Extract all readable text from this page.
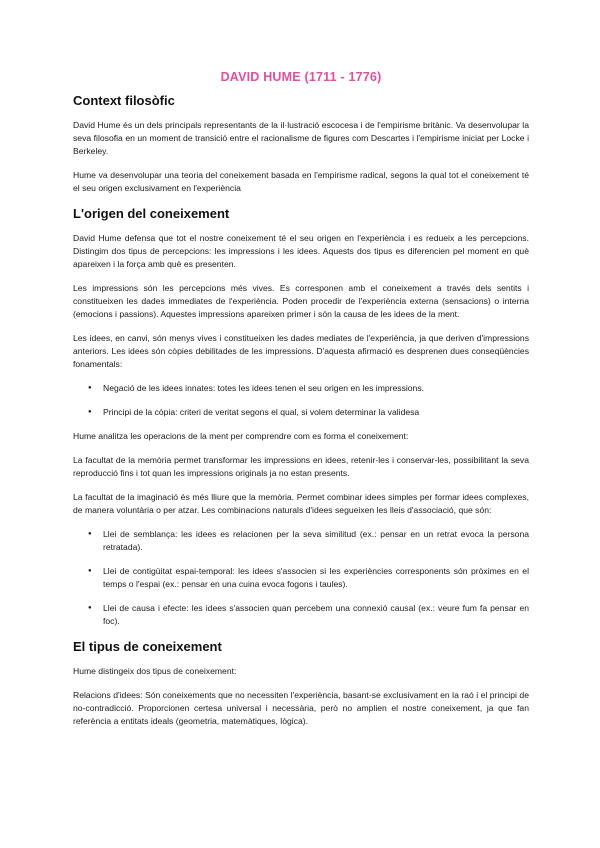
DAVID HUME (1711 - 1776)
Context filosòfic

David Hume és un dels principals representants de la il·lustració escocesa i de l'empirisme britànic. Va desenvolupar la seva filosofia en un moment de transició entre el racionalisme de figures com Descartes i l'empirisme iniciat per Locke i Berkeley.

Hume va desenvolupar una teoria del coneixement basada en l'empirisme radical, segons la qual tot el coneixement té el seu origen exclusivament en l'experiència

L'origen del coneixement

David Hume defensa que tot el nostre coneixement té el seu origen en l'experiència i es redueix a les percepcions. Distingim dos tipus de percepcions: les impressions i les idees. Aquests dos tipus es diferencien pel moment en què apareixen i la força amb què es presenten.

Les impressions són les percepcions més vives. Es corresponen amb el coneixement a través dels sentits i constitueixen les dades immediates de l'experiència. Poden procedir de l'experiència externa (sensacions) o interna (emocions i passions). Aquestes impressions apareixen primer i són la causa de les idees de la ment.

Les idees, en canvi, són menys vives i constitueixen les dades mediates de l'experiència, ja que deriven d'impressions anteriors. Les idees són còpies debilitades de les impressions. D'aquesta afirmació es desprenen dues conseqüències fonamentals:

● Negació de les idees innates: totes les idees tenen el seu origen en les impressions.
● Principi de la còpia: criteri de veritat segons el qual, si volem determinar la validesa

Hume analitza les operacions de la ment per comprendre com es forma el coneixement:

La facultat de la memòria permet transformar les impressions en idees, retenir-les i conservar-les, possibilitant la seva reproducció fins i tot quan les impressions originals ja no estan presents.

La facultat de la imaginació és més lliure que la memòria. Permet combinar idees simples per formar idees complexes, de manera voluntària o per atzar. Les combinacions naturals d'idees segueixen les lleis d'associació, que són:

● Llei de semblança: les idees es relacionen per la seva similitud (ex.: pensar en un retrat evoca la persona retratada).
● Llei de contigüitat espai-temporal: les idees s'associen si les experiències corresponents són pròximes en el temps o l'espai (ex.: pensar en una cuina evoca fogons i taules).
● Llei de causa i efecte: les idees s'associen quan percebem una connexió causal (ex.: veure fum fa pensar en foc).
El tipus de coneixement

Hume distingeix dos tipus de coneixement:

Relacions d'idees: Són coneixements que no necessiten l'experiència, basant-se exclusivament en la raó i el principi de no-contradicció. Proporcionen certesa universal i necessària, però no amplien el nostre coneixement, ja que fan referència a entitats ideals (geometria, matemàtiques, lògica).
